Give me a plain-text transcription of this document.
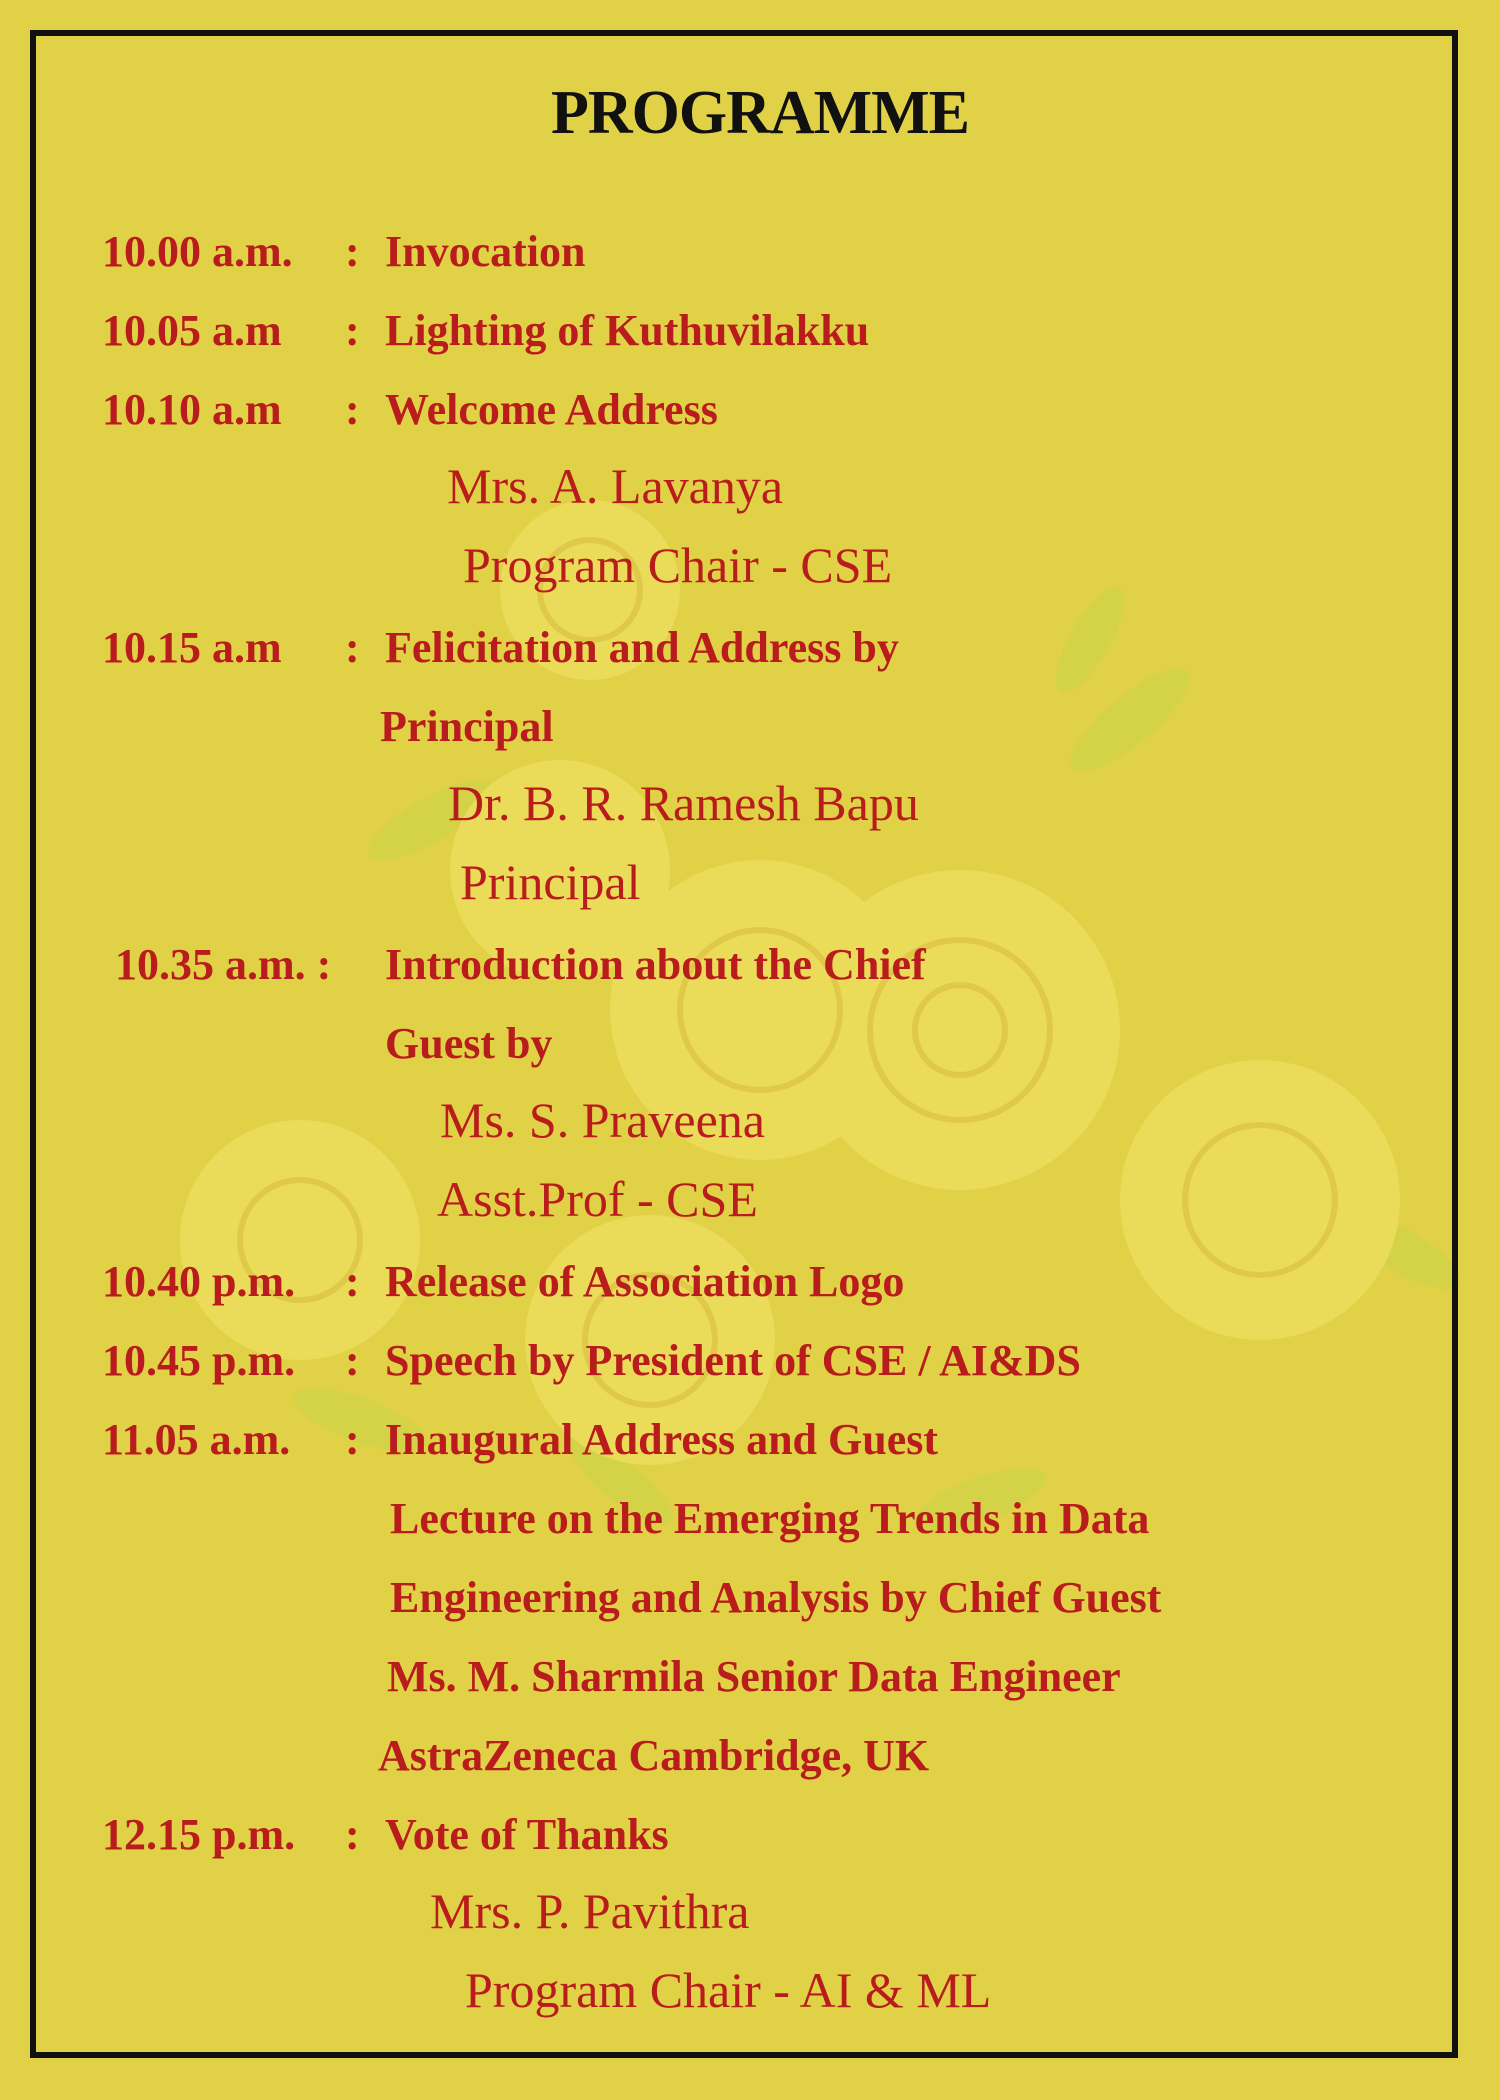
PROGRAMME
10.00 a.m. : Invocation
10.05 a.m : Lighting of Kuthuvilakku
10.10 a.m : Welcome Address
Mrs. A. Lavanya
Program Chair - CSE
10.15 a.m : Felicitation and Address by
Principal
Dr. B. R. Ramesh Bapu
Principal
10.35 a.m. : Introduction about the Chief
Guest by
Ms. S. Praveena
Asst.Prof - CSE
10.40 p.m. : Release of Association Logo
10.45 p.m. : Speech by President of CSE / AI&DS
11.05 a.m. : Inaugural Address and Guest
Lecture on the Emerging Trends in Data
Engineering and Analysis by Chief Guest
Ms. M. Sharmila Senior Data Engineer
AstraZeneca Cambridge, UK
12.15 p.m. : Vote of Thanks
Mrs. P. Pavithra
Program Chair - AI & ML
